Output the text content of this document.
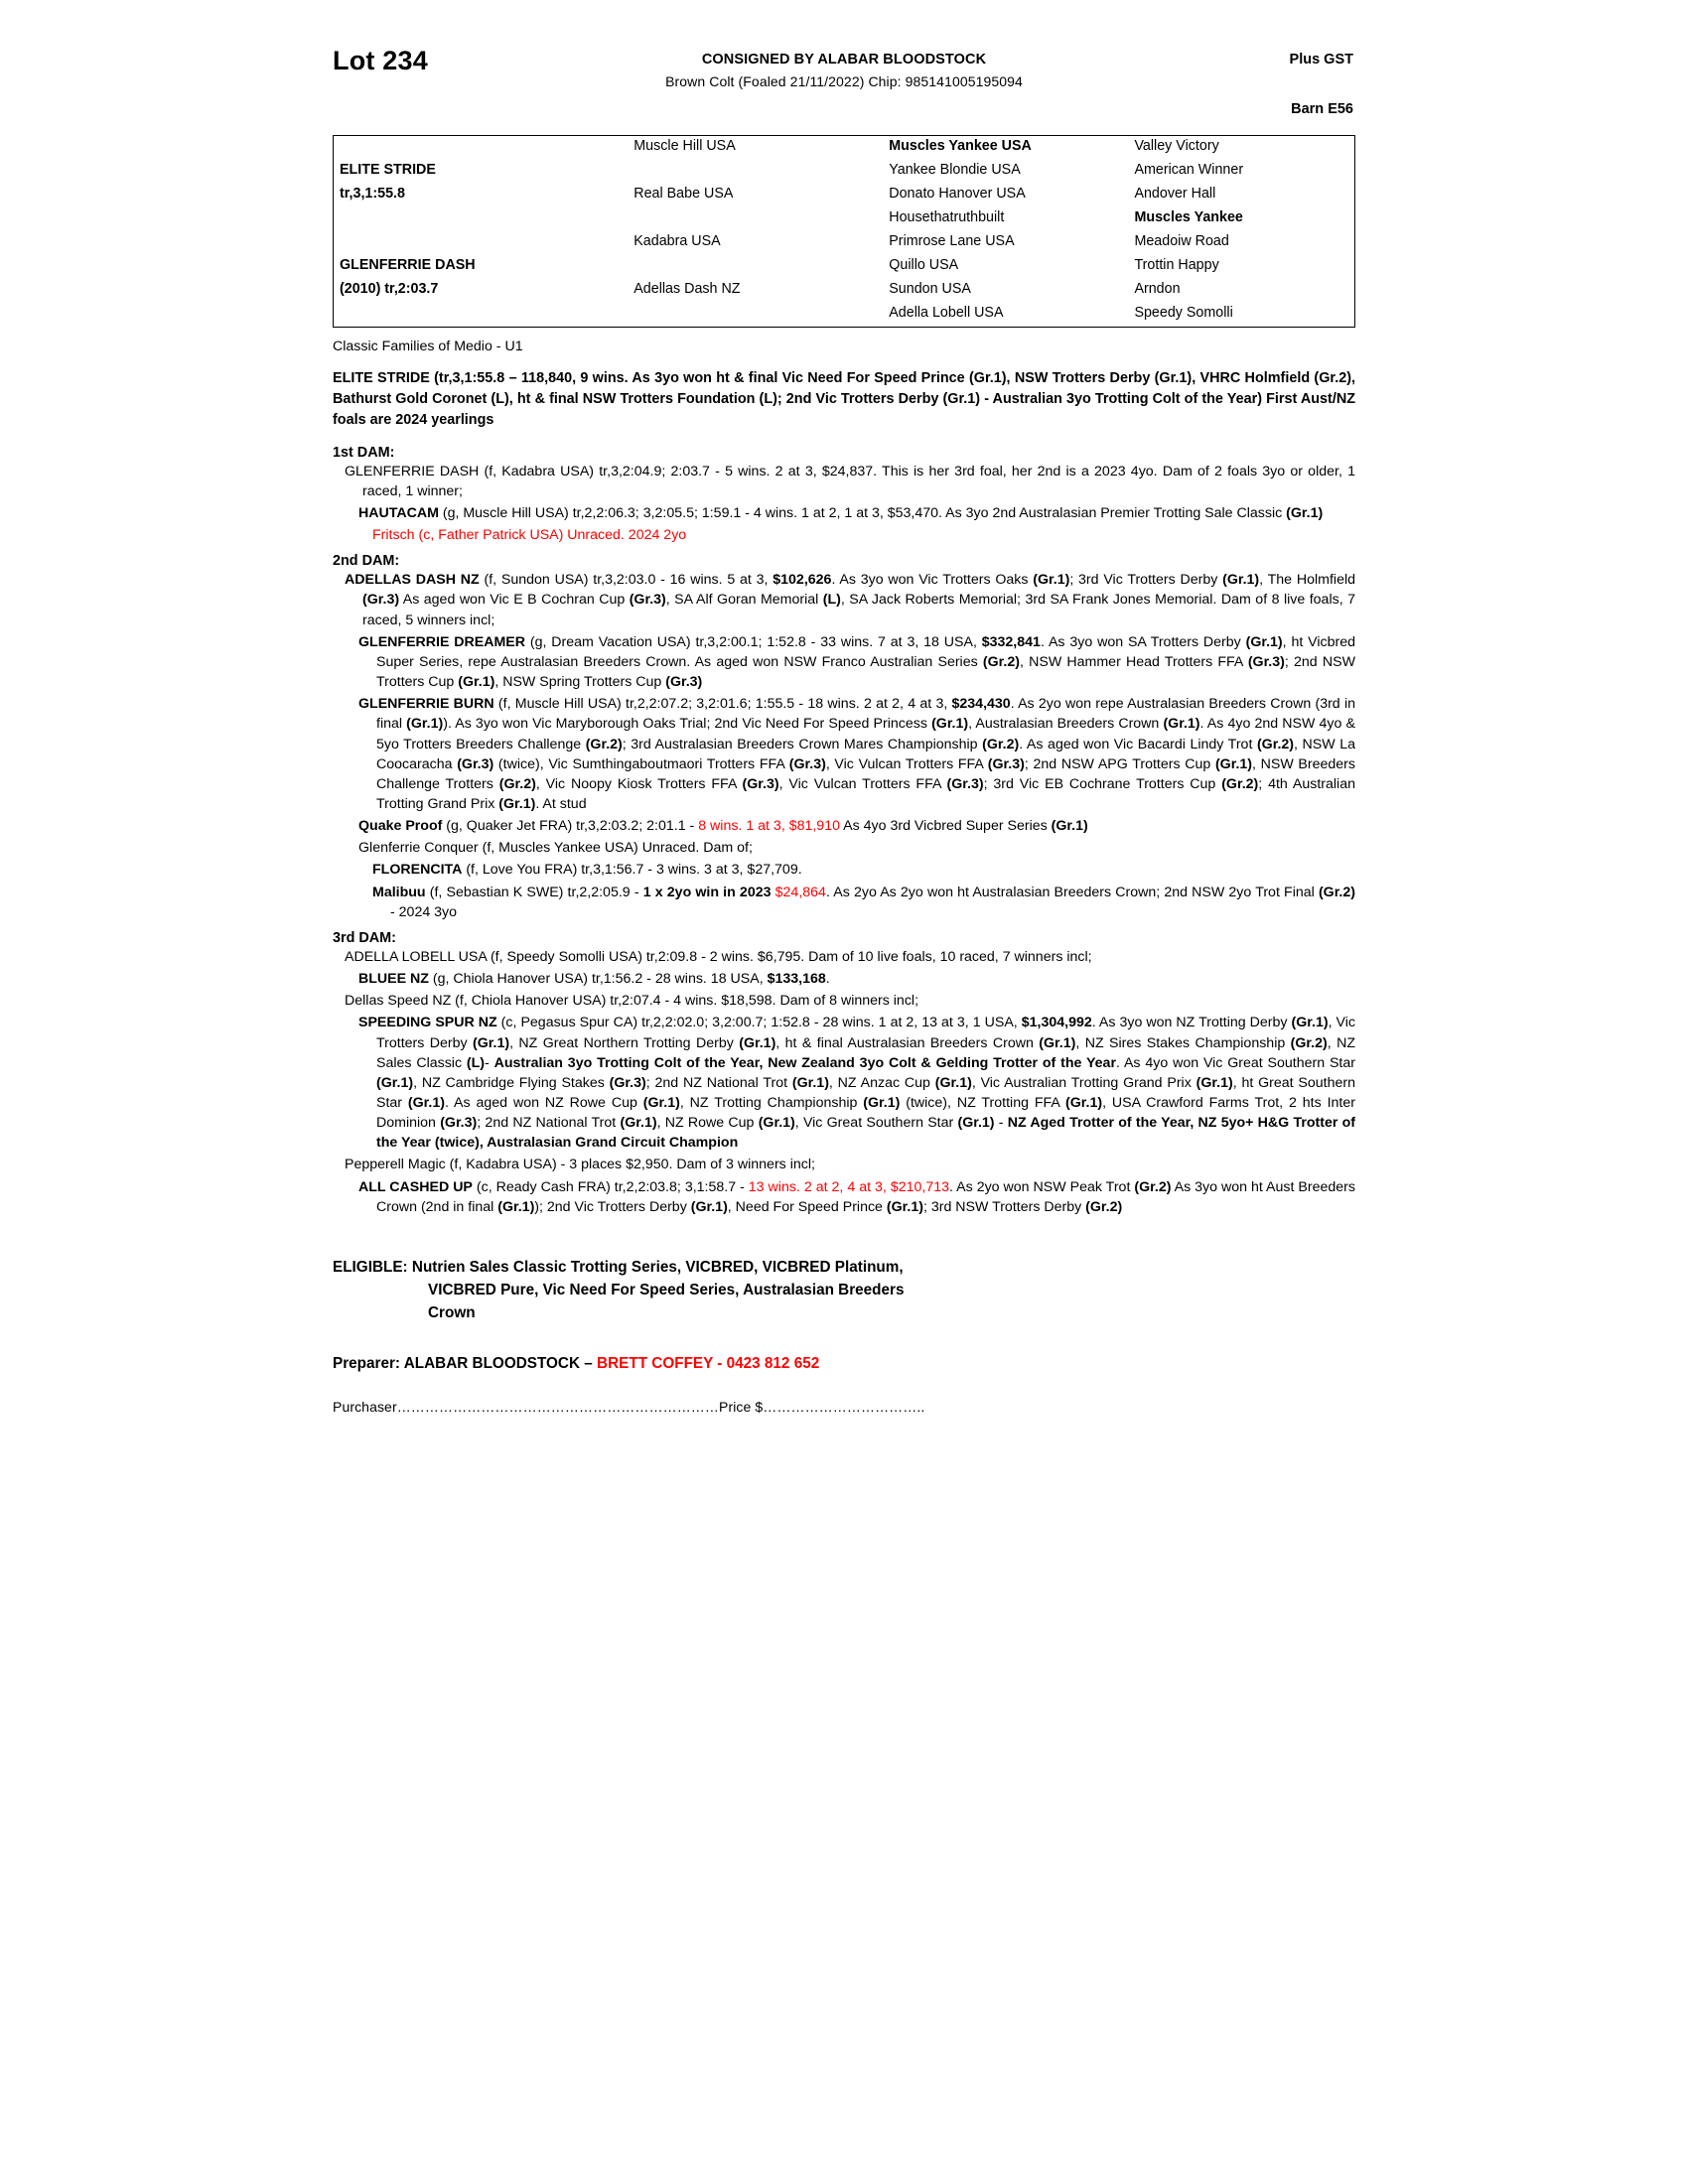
Lot 234	CONSIGNED BY ALABAR BLOODSTOCK
Brown Colt (Foaled 21/11/2022) Chip: 985141005195094
Plus GST
Barn E56
	Muscle Hill USA	Muscles Yankee USA	Valley Victory
ELITE STRIDE		Yankee Blondie USA	American Winner
tr,3,1:55.8	Real Babe USA	Donato Hanover USA	Andover Hall
		Housethatruthbuilt	Muscles Yankee
	Kadabra USA	Primrose Lane USA	Meadoiw Road
GLENFERRIE DASH		Quillo USA	Trottin Happy
(2010) tr,2:03.7	Adellas Dash NZ	Sundon USA	Arndon
		Adella Lobell USA	Speedy Somolli
Classic Families of Medio - U1
ELITE STRIDE (tr,3,1:55.8 – 118,840, 9 wins. As 3yo won ht & final Vic Need For Speed Prince (Gr.1), NSW Trotters Derby (Gr.1), VHRC Holmfield (Gr.2), Bathurst Gold Coronet (L), ht & final NSW Trotters Foundation (L); 2nd Vic Trotters Derby (Gr.1) - Australian 3yo Trotting Colt of the Year) First Aust/NZ foals are 2024 yearlings
1st DAM:
GLENFERRIE DASH (f, Kadabra USA) tr,3,2:04.9; 2:03.7 - 5 wins. 2 at 3, $24,837. This is her 3rd foal, her 2nd is a 2023 4yo. Dam of 2 foals 3yo or older, 1 raced, 1 winner;
HAUTACAM (g, Muscle Hill USA) tr,2,2:06.3; 3,2:05.5; 1:59.1 - 4 wins. 1 at 2, 1 at 3, $53,470. As 3yo 2nd Australasian Premier Trotting Sale Classic (Gr.1)
Fritsch (c, Father Patrick USA) Unraced. 2024 2yo
2nd DAM:
ADELLAS DASH NZ (f, Sundon USA) tr,3,2:03.0 - 16 wins. 5 at 3, $102,626. As 3yo won Vic Trotters Oaks (Gr.1); 3rd Vic Trotters Derby (Gr.1), The Holmfield (Gr.3) As aged won Vic E B Cochran Cup (Gr.3), SA Alf Goran Memorial (L), SA Jack Roberts Memorial; 3rd SA Frank Jones Memorial. Dam of 8 live foals, 7 raced, 5 winners incl;
GLENFERRIE DREAMER (g, Dream Vacation USA) tr,3,2:00.1; 1:52.8 - 33 wins. 7 at 3, 18 USA, $332,841. As 3yo won SA Trotters Derby (Gr.1), ht Vicbred Super Series, repe Australasian Breeders Crown. As aged won NSW Franco Australian Series (Gr.2), NSW Hammer Head Trotters FFA (Gr.3); 2nd NSW Trotters Cup (Gr.1), NSW Spring Trotters Cup (Gr.3)
GLENFERRIE BURN (f, Muscle Hill USA) tr,2,2:07.2; 3,2:01.6; 1:55.5 - 18 wins. 2 at 2, 4 at 3, $234,430. As 2yo won repe Australasian Breeders Crown (3rd in final (Gr.1)). As 3yo won Vic Maryborough Oaks Trial; 2nd Vic Need For Speed Princess (Gr.1), Australasian Breeders Crown (Gr.1). As 4yo 2nd NSW 4yo & 5yo Trotters Breeders Challenge (Gr.2); 3rd Australasian Breeders Crown Mares Championship (Gr.2). As aged won Vic Bacardi Lindy Trot (Gr.2), NSW La Coocaracha (Gr.3) (twice), Vic Sumthingaboutmaori Trotters FFA (Gr.3), Vic Vulcan Trotters FFA (Gr.3); 2nd NSW APG Trotters Cup (Gr.1), NSW Breeders Challenge Trotters (Gr.2), Vic Noopy Kiosk Trotters FFA (Gr.3), Vic Vulcan Trotters FFA (Gr.3); 3rd Vic EB Cochrane Trotters Cup (Gr.2); 4th Australian Trotting Grand Prix (Gr.1). At stud
Quake Proof (g, Quaker Jet FRA) tr,3,2:03.2; 2:01.1 - 8 wins. 1 at 3, $81,910 As 4yo 3rd Vicbred Super Series (Gr.1)
Glenferrie Conquer (f, Muscles Yankee USA) Unraced. Dam of;
FLORENCITA (f, Love You FRA) tr,3,1:56.7 - 3 wins. 3 at 3, $27,709.
Malibuu (f, Sebastian K SWE) tr,2,2:05.9 - 1 x 2yo win in 2023 $24,864. As 2yo As 2yo won ht Australasian Breeders Crown; 2nd NSW 2yo Trot Final (Gr.2) - 2024 3yo
3rd DAM:
ADELLA LOBELL USA (f, Speedy Somolli USA) tr,2:09.8 - 2 wins. $6,795. Dam of 10 live foals, 10 raced, 7 winners incl;
BLUEE NZ (g, Chiola Hanover USA) tr,1:56.2 - 28 wins. 18 USA, $133,168.
Dellas Speed NZ (f, Chiola Hanover USA) tr,2:07.4 - 4 wins. $18,598. Dam of 8 winners incl;
SPEEDING SPUR NZ (c, Pegasus Spur CA) tr,2,2:02.0; 3,2:00.7; 1:52.8 - 28 wins. 1 at 2, 13 at 3, 1 USA, $1,304,992. As 3yo won NZ Trotting Derby (Gr.1), Vic Trotters Derby (Gr.1), NZ Great Northern Trotting Derby (Gr.1), ht & final Australasian Breeders Crown (Gr.1), NZ Sires Stakes Championship (Gr.2), NZ Sales Classic (L)- Australian 3yo Trotting Colt of the Year, New Zealand 3yo Colt & Gelding Trotter of the Year. As 4yo won Vic Great Southern Star (Gr.1), NZ Cambridge Flying Stakes (Gr.3); 2nd NZ National Trot (Gr.1), NZ Anzac Cup (Gr.1), Vic Australian Trotting Grand Prix (Gr.1), ht Great Southern Star (Gr.1). As aged won NZ Rowe Cup (Gr.1), NZ Trotting Championship (Gr.1) (twice), NZ Trotting FFA (Gr.1), USA Crawford Farms Trot, 2 hts Inter Dominion (Gr.3); 2nd NZ National Trot (Gr.1), NZ Rowe Cup (Gr.1), Vic Great Southern Star (Gr.1) - NZ Aged Trotter of the Year, NZ 5yo+ H&G Trotter of the Year (twice), Australasian Grand Circuit Champion
Pepperell Magic (f, Kadabra USA) - 3 places $2,950. Dam of 3 winners incl;
ALL CASHED UP (c, Ready Cash FRA) tr,2,2:03.8; 3,1:58.7 - 13 wins. 2 at 2, 4 at 3, $210,713. As 2yo won NSW Peak Trot (Gr.2) As 3yo won ht Aust Breeders Crown (2nd in final (Gr.1)); 2nd Vic Trotters Derby (Gr.1), Need For Speed Prince (Gr.1); 3rd NSW Trotters Derby (Gr.2)
ELIGIBLE: Nutrien Sales Classic Trotting Series, VICBRED, VICBRED Platinum,
VICBRED Pure, Vic Need For Speed Series, Australasian Breeders
Crown
Preparer: ALABAR BLOODSTOCK – BRETT COFFEY - 0423 812 652
Purchaser……………………………………………………………Price $……………………………..
